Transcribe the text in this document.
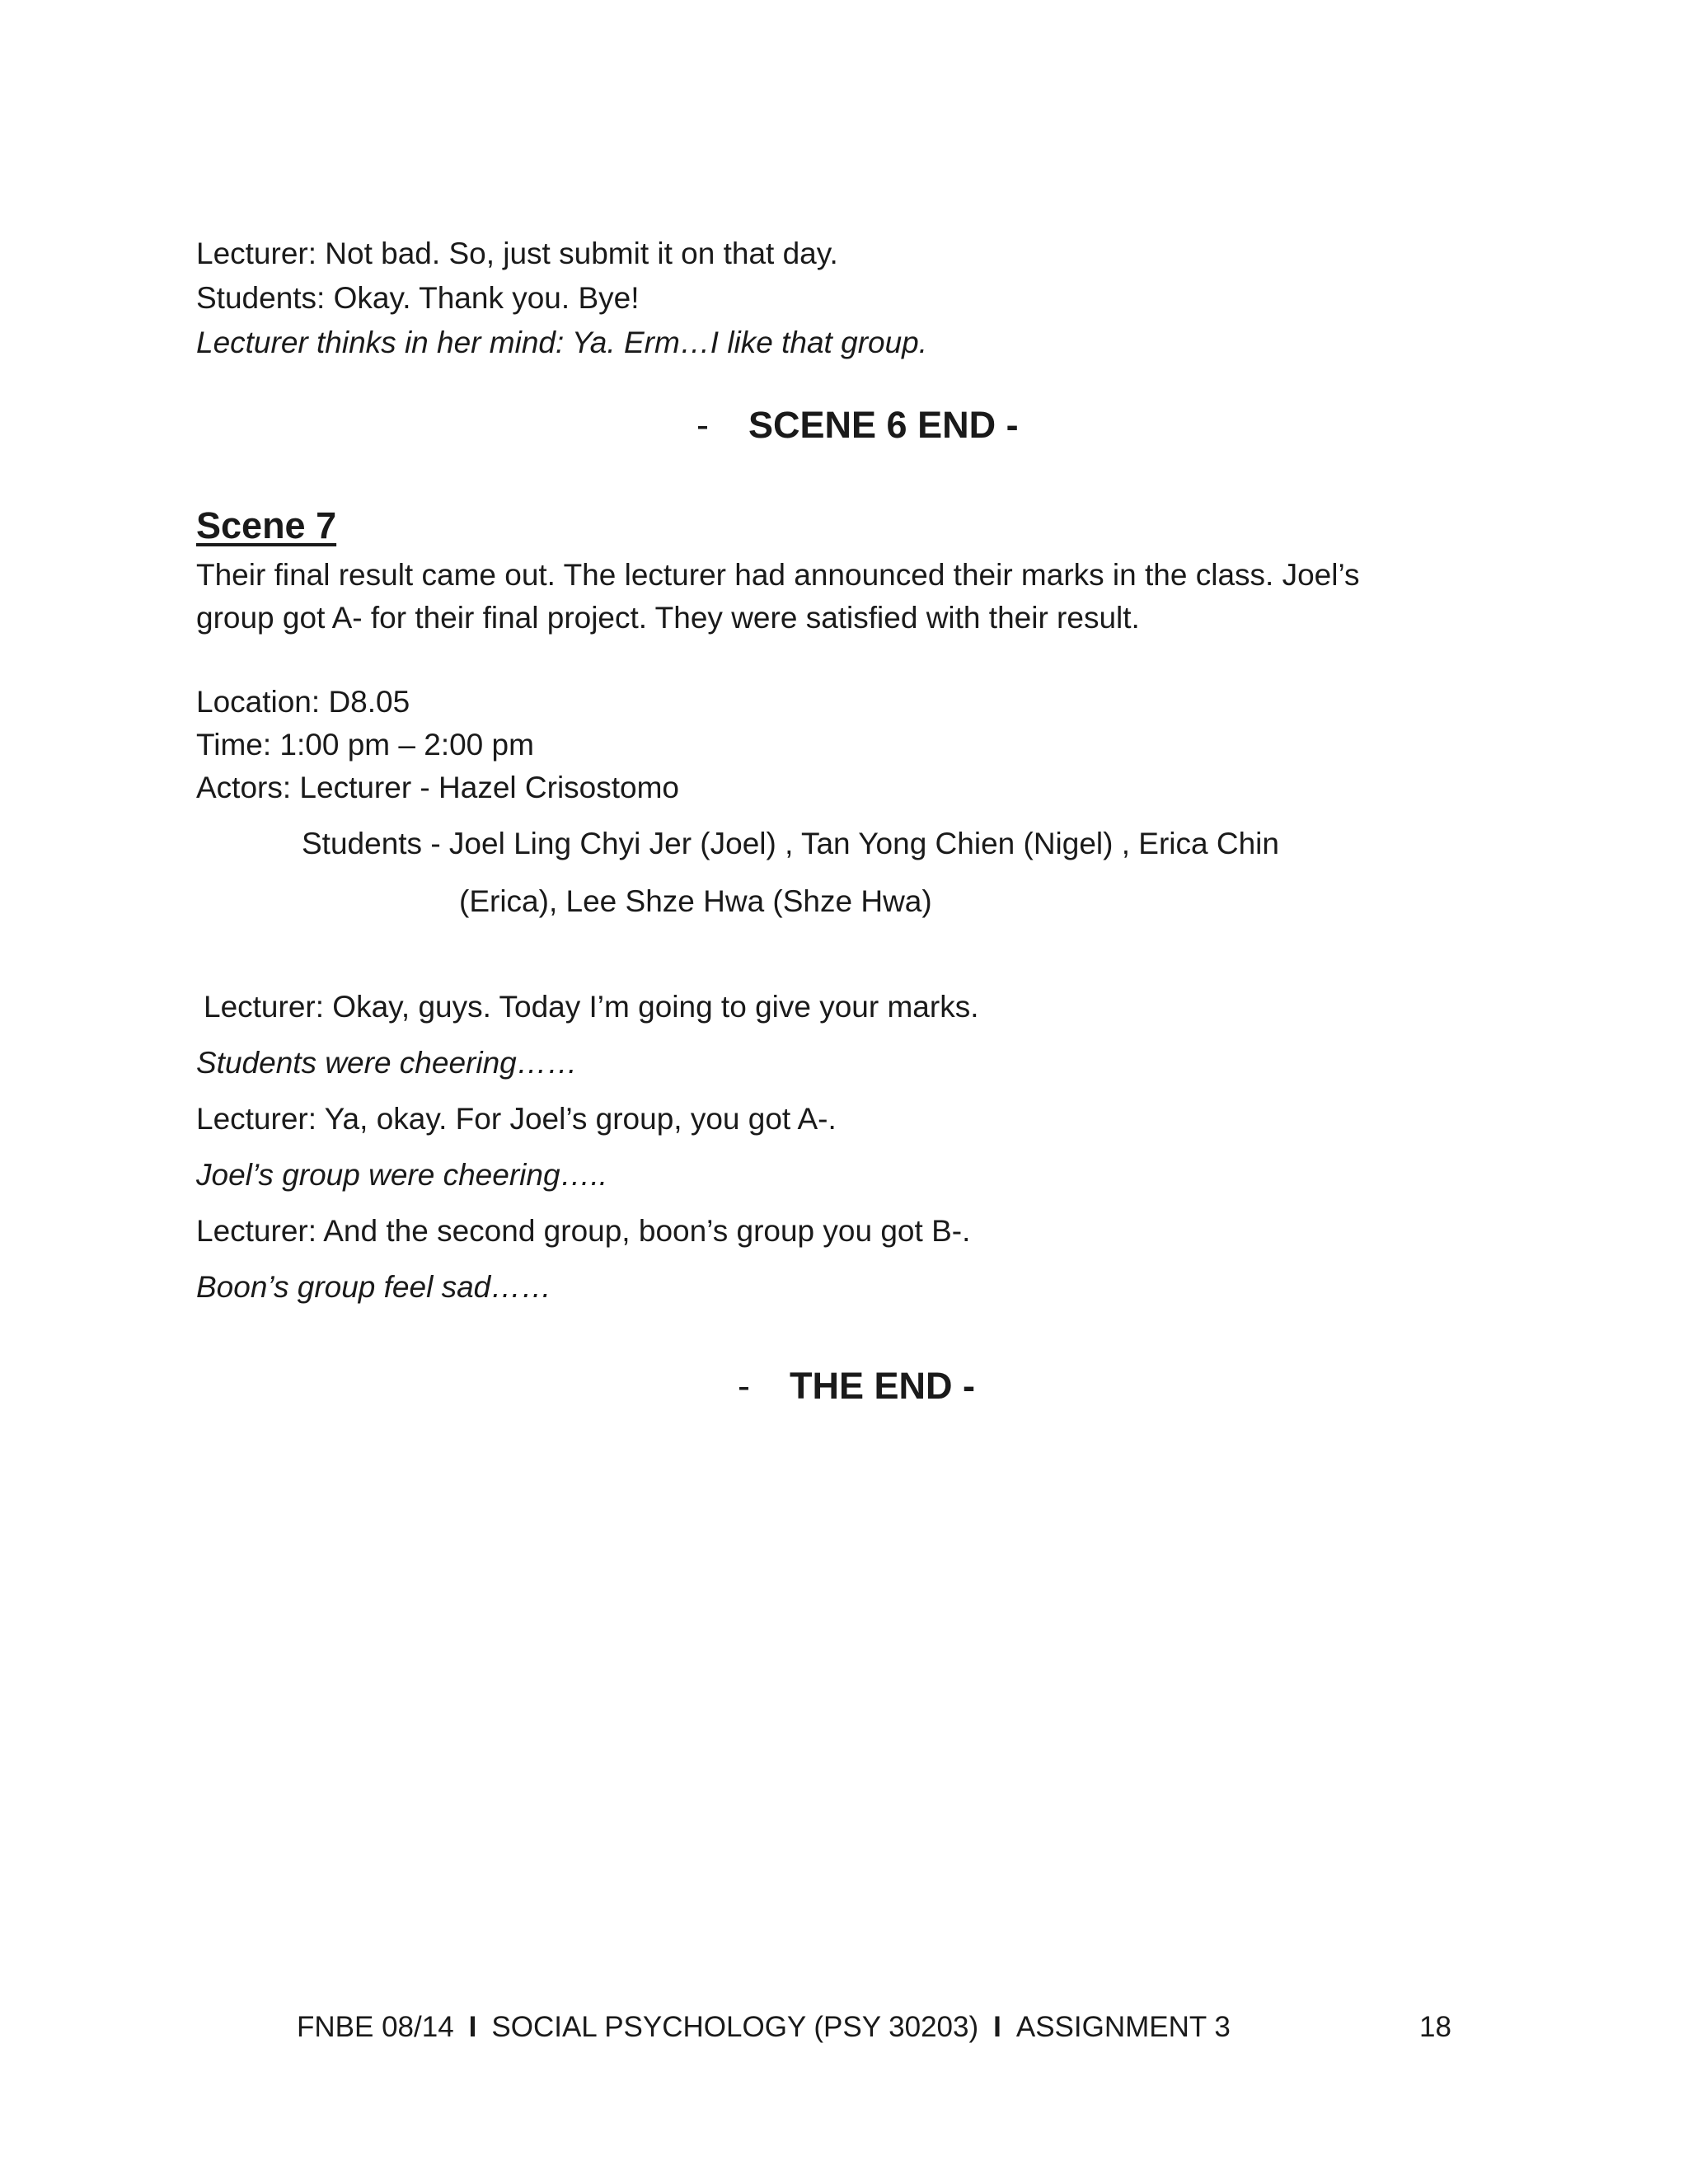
Lecturer: Not bad. So, just submit it on that day.
Students: Okay. Thank you. Bye!
Lecturer thinks in her mind: Ya. Erm…I like that group.
- SCENE 6 END -
Scene 7
Their final result came out. The lecturer had announced their marks in the class. Joel’s
group got A- for their final project. They were satisfied with their result.
Location: D8.05
Time: 1:00 pm – 2:00 pm
Actors: Lecturer - Hazel Crisostomo
Students - Joel Ling Chyi Jer (Joel) , Tan Yong Chien (Nigel) , Erica Chin
(Erica), Lee Shze Hwa (Shze Hwa)
Lecturer: Okay, guys. Today I’m going to give your marks.
Students were cheering……
Lecturer: Ya, okay. For Joel’s group, you got A-.
Joel’s group were cheering…..
Lecturer: And the second group, boon’s group you got B-.
Boon’s group feel sad……
- THE END -
FNBE 08/14 I SOCIAL PSYCHOLOGY (PSY 30203) I ASSIGNMENT 3	18
